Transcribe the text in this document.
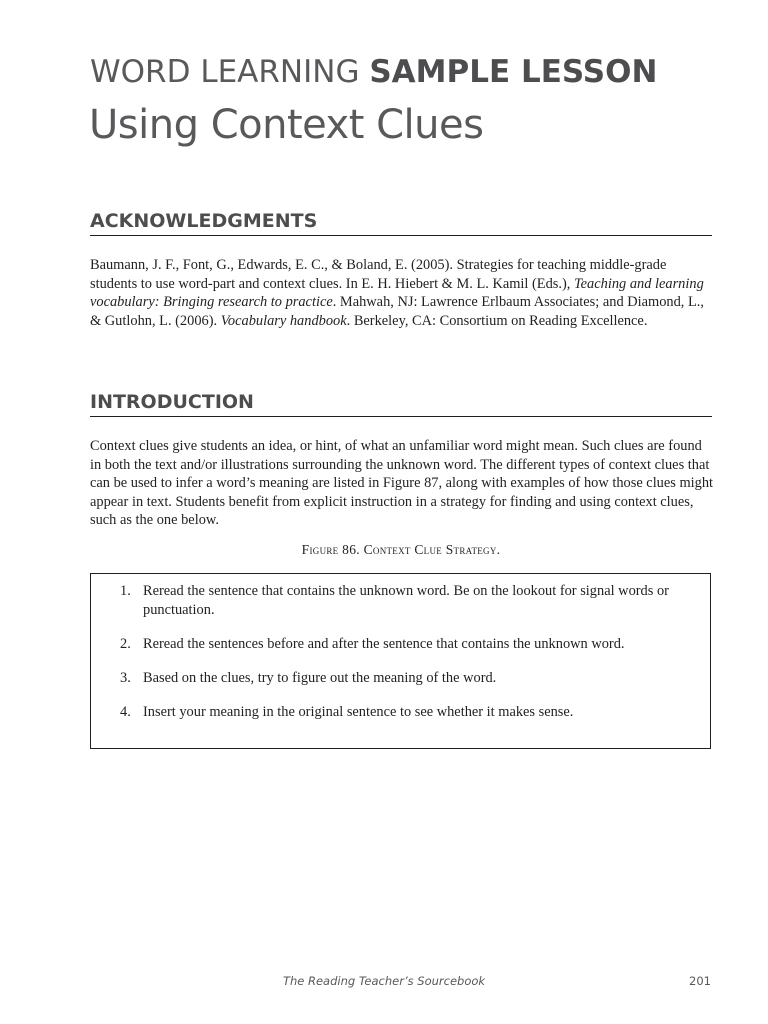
WORD LEARNING SAMPLE LESSON
Using Context Clues
ACKNOWLEDGMENTS
Baumann, J. F., Font, G., Edwards, E. C., & Boland, E. (2005). Strategies for teaching middle-grade students to use word-part and context clues. In E. H. Hiebert & M. L. Kamil (Eds.), Teaching and learning vocabulary: Bringing research to practice. Mahwah, NJ: Lawrence Erlbaum Associates; and Diamond, L., & Gutlohn, L. (2006). Vocabulary handbook. Berkeley, CA: Consortium on Reading Excellence.
INTRODUCTION
Context clues give students an idea, or hint, of what an unfamiliar word might mean. Such clues are found in both the text and/or illustrations surrounding the unknown word. The different types of context clues that can be used to infer a word’s meaning are listed in Figure 87, along with examples of how those clues might appear in text. Students benefit from explicit instruction in a strategy for finding and using context clues, such as the one below.
Figure 86. Context Clue Strategy.
1. Reread the sentence that contains the unknown word. Be on the lookout for signal words or punctuation.
2. Reread the sentences before and after the sentence that contains the unknown word.
3. Based on the clues, try to figure out the meaning of the word.
4. Insert your meaning in the original sentence to see whether it makes sense.
The Reading Teacher’s Sourcebook	201
